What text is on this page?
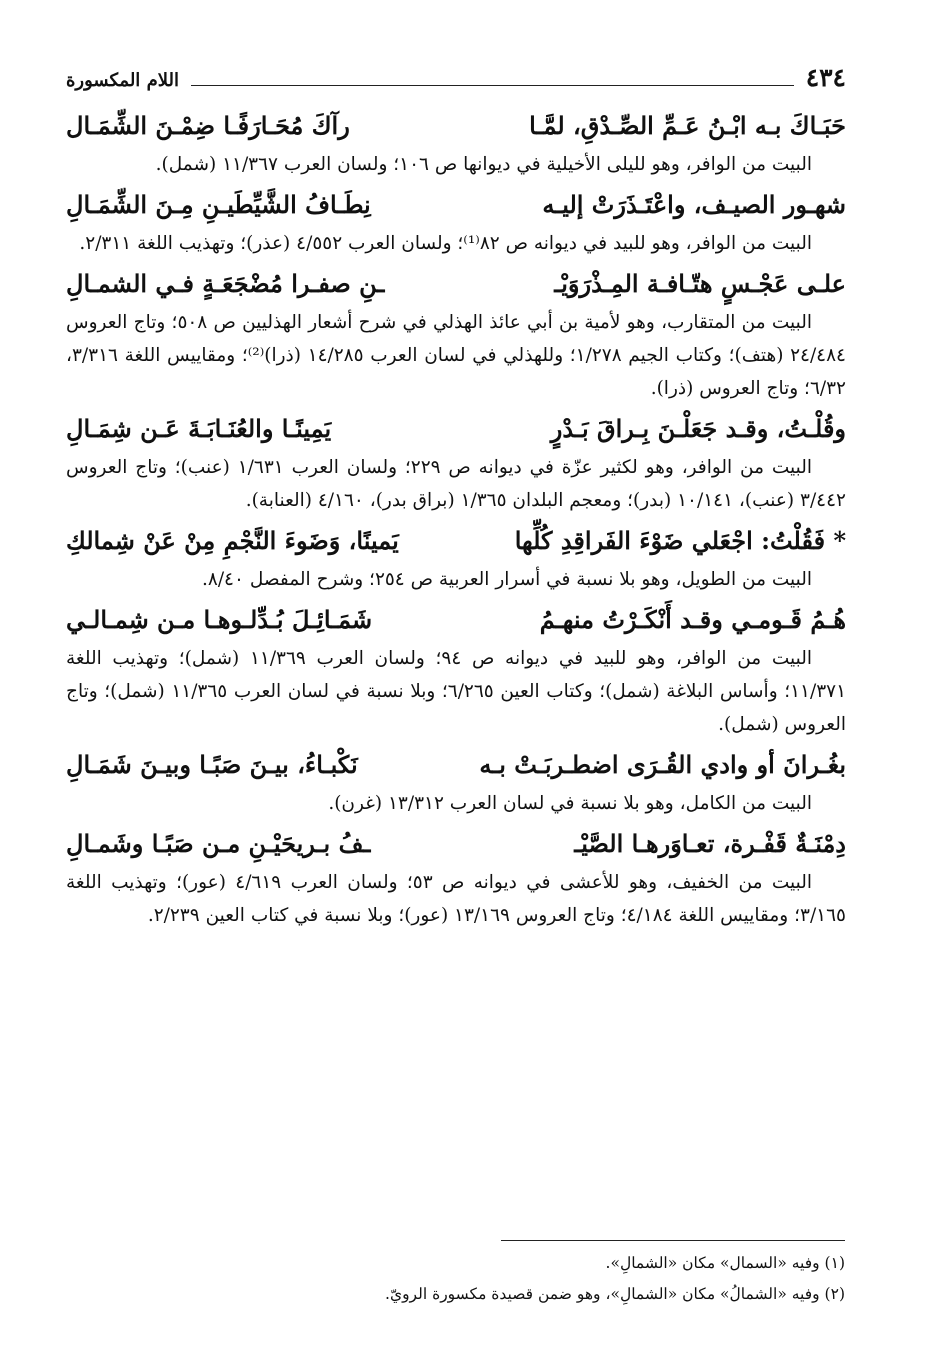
٤٣٤
اللام المكسورة
حَبَـاكَ بـه ابْـنُ عَـمِّ الصِّـدْقِ، لمَّـا
رآكَ مُحَـارَفًـا ضِمْـنَ الشِّمَـال

البيت من الوافر، وهو لليلى الأخيلية في ديوانها ص ١٠٦؛ ولسان العرب ١١/٣٦٧ (شمل).

شهـور الصيـف، واعْتَـذَرَتْ إليـه
نِطَـافُ الشَّيِّطَيـنِ مِـنَ الشِّمَـالِ

البيت من الوافر، وهو للبيد في ديوانه ص ٨٢⁽¹⁾؛ ولسان العرب ٤/٥٥٢ (عذر)؛ وتهذيب اللغة ٢/٣١١.

علـى عَجْـسٍ هتّـافـة المِـذْرَوَيْـ
ـنِ صفـرا مُضْجَعَـةٍ فـي الشمـالِ

البيت من المتقارب، وهو لأمية بن أبي عائذ الهذلي في شرح أشعار الهذليين ص ٥٠٨؛ وتاج العروس ٢٤/٤٨٤ (هتف)؛ وكتاب الجيم ١/٢٧٨؛ وللهذلي في لسان العرب ١٤/٢٨٥ (ذرا)⁽²⁾؛ ومقاييس اللغة ٣/٣١٦، ٦/٣٢؛ وتاج العروس (ذرا).

وقُلْـتُ، وقـد جَعَلْـنَ بِـراقَ بَـدْرٍ
يَمِينًـا والعُنَـابَـةَ عَـن شِمَـالِ

البيت من الوافر، وهو لكثير عزّة في ديوانه ص ٢٢٩؛ ولسان العرب ١/٦٣١ (عنب)؛ وتاج العروس ٣/٤٤٢ (عنب)، ١٠/١٤١ (بدر)؛ ومعجم البلدان ١/٣٦٥ (براق بدر)، ٤/١٦٠ (العنابة).

* فَقُلْتُ: اجْعَلي ضَوْءَ الفَراقِدِ كُلِّها
يَمينًا، وَضَوءَ النَّجْمِ مِنْ عَنْ شِمالكِ

البيت من الطويل، وهو بلا نسبة في أسرار العربية ص ٢٥٤؛ وشرح المفصل ٨/٤٠.

هُـمُ قَـومـي وقـد أَنْكَـرْتُ منهـمُ
شَمَـائِـلَ بُـدِّلـوهـا مـن شِمـالـي

البيت من الوافر، وهو للبيد في ديوانه ص ٩٤؛ ولسان العرب ١١/٣٦٩ (شمل)؛ وتهذيب اللغة ١١/٣٧١؛ وأساس البلاغة (شمل)؛ وكتاب العين ٦/٢٦٥؛ وبلا نسبة في لسان العرب ١١/٣٦٥ (شمل)؛ وتاج العروس (شمل).

بغُـرانَ أو وادي القُـرَى اضطـربَـتْ بـه
نَكْبـاءُ، بيـنَ صَبًـا وبيـنَ شَمَـالِ

البيت من الكامل، وهو بلا نسبة في لسان العرب ١٣/٣١٢ (غرن).

دِمْنَـةٌ قَفْـرة، تعـاوَرهـا الصَّيْـ
ـفُ بـريحَيْـنِ مـن صَبًـا وشَمـالِ

البيت من الخفيف، وهو للأعشى في ديوانه ص ٥٣؛ ولسان العرب ٤/٦١٩ (عور)؛ وتهذيب اللغة ٣/١٦٥؛ ومقاييس اللغة ٤/١٨٤؛ وتاج العروس ١٣/١٦٩ (عور)؛ وبلا نسبة في كتاب العين ٢/٢٣٩.

(١) وفيه «السمال» مكان «الشمالِ».
(٢) وفيه «الشمالُ» مكان «الشمالِ»، وهو ضمن قصيدة مكسورة الرويّ.
